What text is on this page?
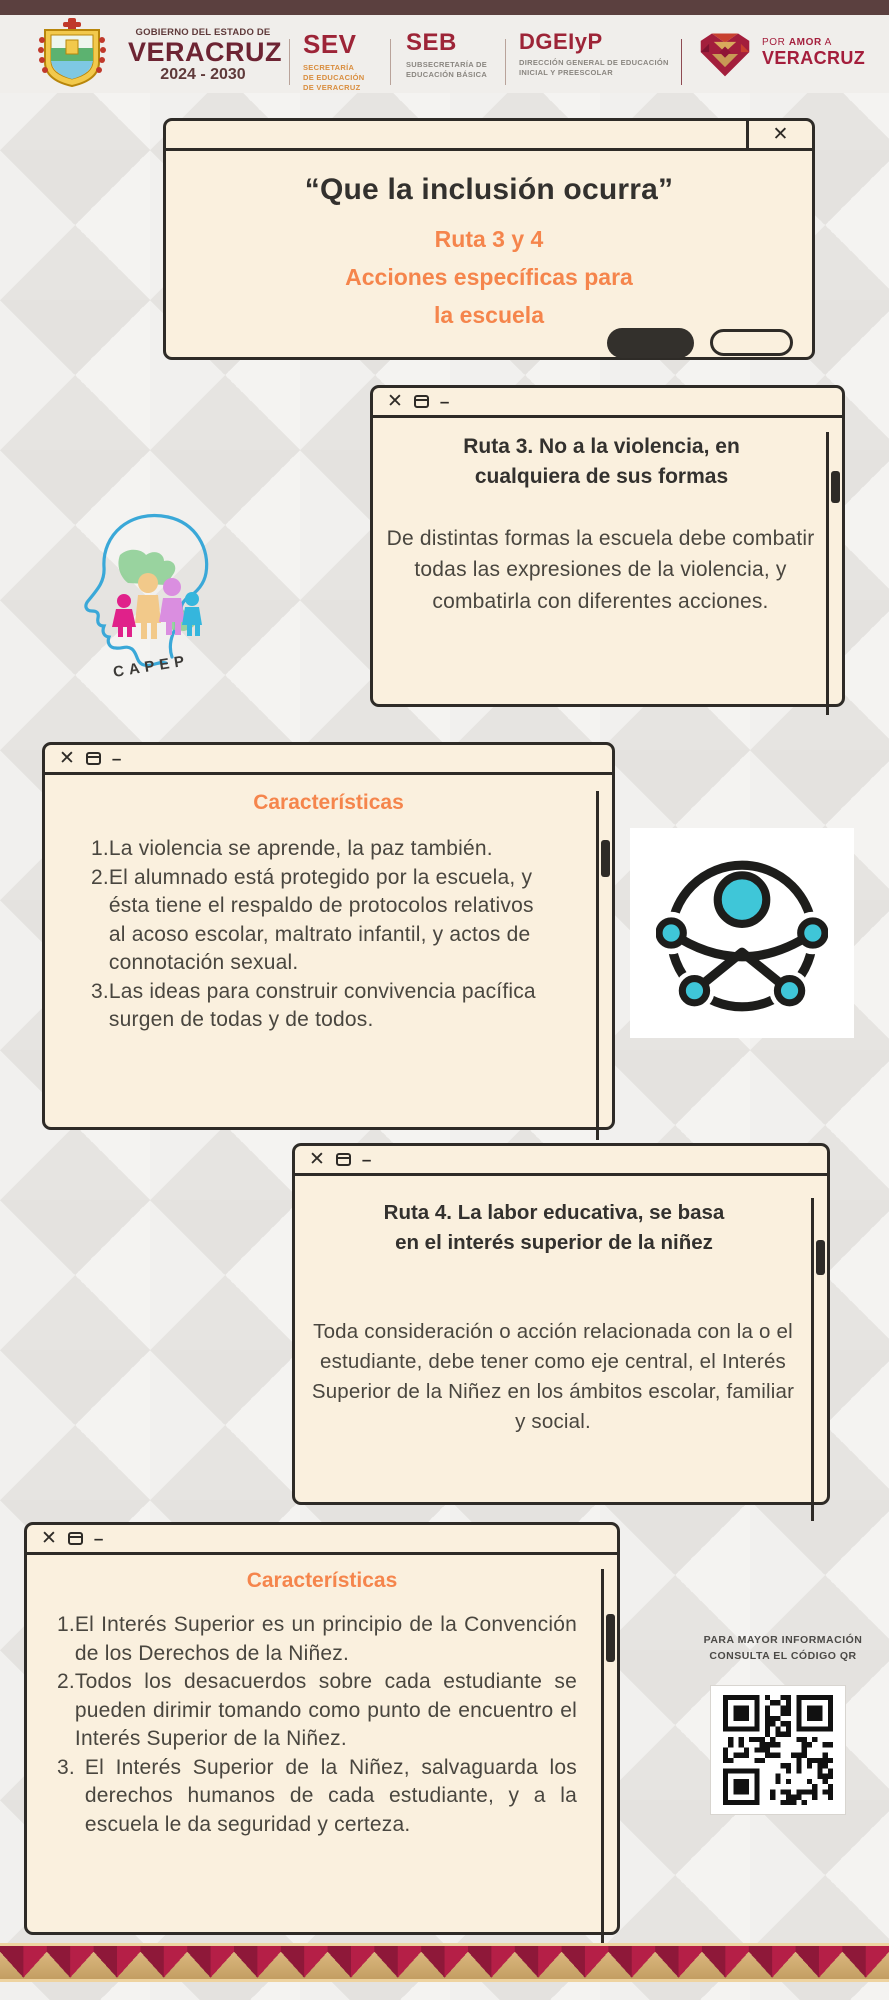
GOBIERNO DEL ESTADO DE
VERACRUZ
2024 - 2030
SEV
SECRETARÍA
DE EDUCACIÓN
DE VERACRUZ
SEB
SUBSECRETARÍA DE
EDUCACIÓN BÁSICA
DGEIyP
DIRECCIÓN GENERAL DE EDUCACIÓN
INICIAL Y PREESCOLAR
POR AMOR A
VERACRUZ
✕
“Que la inclusión ocurra”
Ruta 3 y 4
Acciones específicas para
la escuela
✕ –
Ruta 3. No a la violencia, en
cualquiera de sus formas
De distintas formas la escuela debe combatir todas las expresiones de la violencia, y combatirla con diferentes acciones.
CAPEP
✕ –
Características
1. La violencia se aprende, la paz también.
2. El alumnado está protegido por la escuela, y ésta tiene el respaldo de protocolos relativos al acoso escolar, maltrato infantil, y actos de connotación sexual.
3. Las ideas para construir convivencia pacífica surgen de todas y de todos.
✕ –
Ruta 4. La labor educativa, se basa
en el interés superior de la niñez
Toda consideración o acción relacionada con la o el estudiante, debe tener como eje central, el Interés Superior de la Niñez en los ámbitos escolar, familiar y social.
✕ –
Características
1. El Interés Superior es un principio de la Convención de los Derechos de la Niñez.
2. Todos los desacuerdos sobre cada estudiante se pueden dirimir tomando como punto de encuentro el Interés Superior de la Niñez.
3. El Interés Superior de la Niñez, salvaguarda los derechos humanos de cada estudiante, y a la escuela le da seguridad y certeza.
PARA MAYOR INFORMACIÓN
CONSULTA EL CÓDIGO QR
